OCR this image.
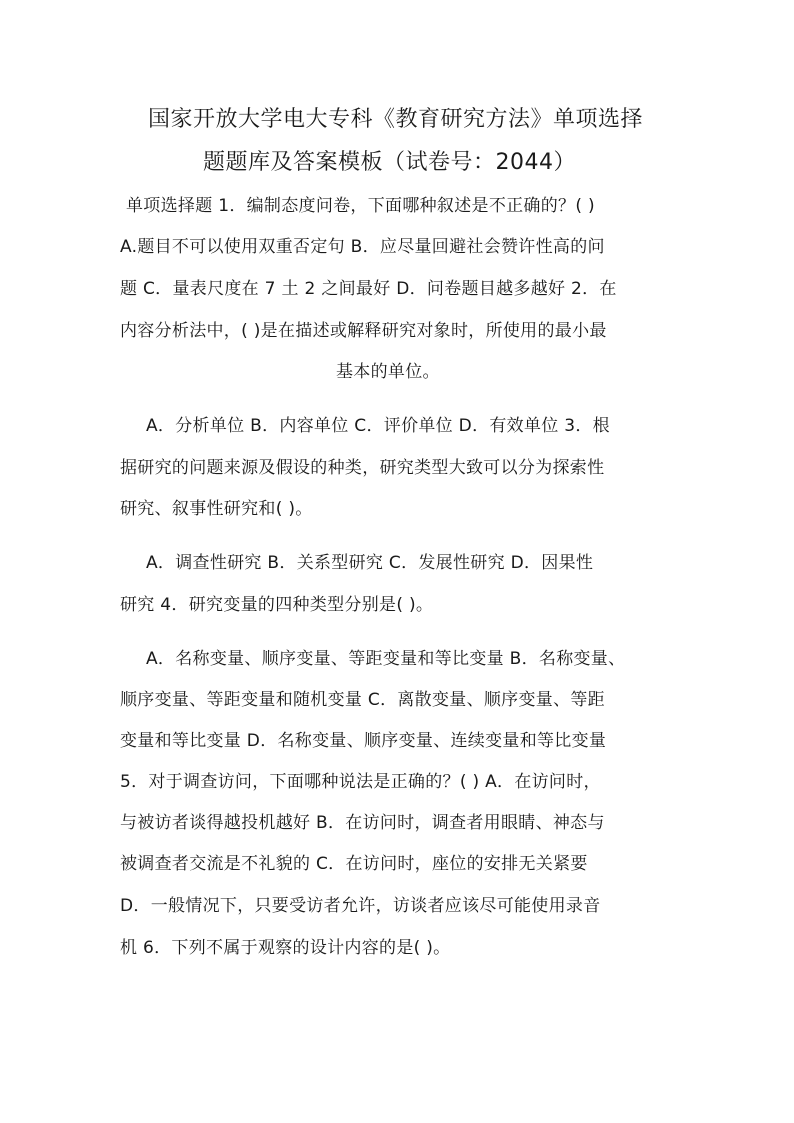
国家开放大学电大专科《教育研究方法》单项选择
题题库及答案模板（试卷号：2044）
单项选择题 1．编制态度问卷，下面哪种叙述是不正确的？( )
A.题目不可以使用双重否定句 B．应尽量回避社会赞许性高的问
题 C．量表尺度在 7 土 2 之间最好 D．问卷题目越多越好 2．在
内容分析法中，( )是在描述或解释研究对象时，所使用的最小最
基本的单位。
A．分析单位 B．内容单位 C．评价单位 D．有效单位 3．根
据研究的问题来源及假设的种类，研究类型大致可以分为探索性
研究、叙事性研究和( )。
A．调查性研究 B．关系型研究 C．发展性研究 D．因果性
研究 4．研究变量的四种类型分别是( )。
A．名称变量、顺序变量、等距变量和等比变量 B．名称变量、
顺序变量、等距变量和随机变量 C．离散变量、顺序变量、等距
变量和等比变量 D．名称变量、顺序变量、连续变量和等比变量
5．对于调查访问，下面哪种说法是正确的？( ) A．在访问时，
与被访者谈得越投机越好 B．在访问时，调查者用眼睛、神态与
被调查者交流是不礼貌的 C．在访问时，座位的安排无关紧要
D．一般情况下，只要受访者允许，访谈者应该尽可能使用录音
机 6．下列不属于观察的设计内容的是( )。
